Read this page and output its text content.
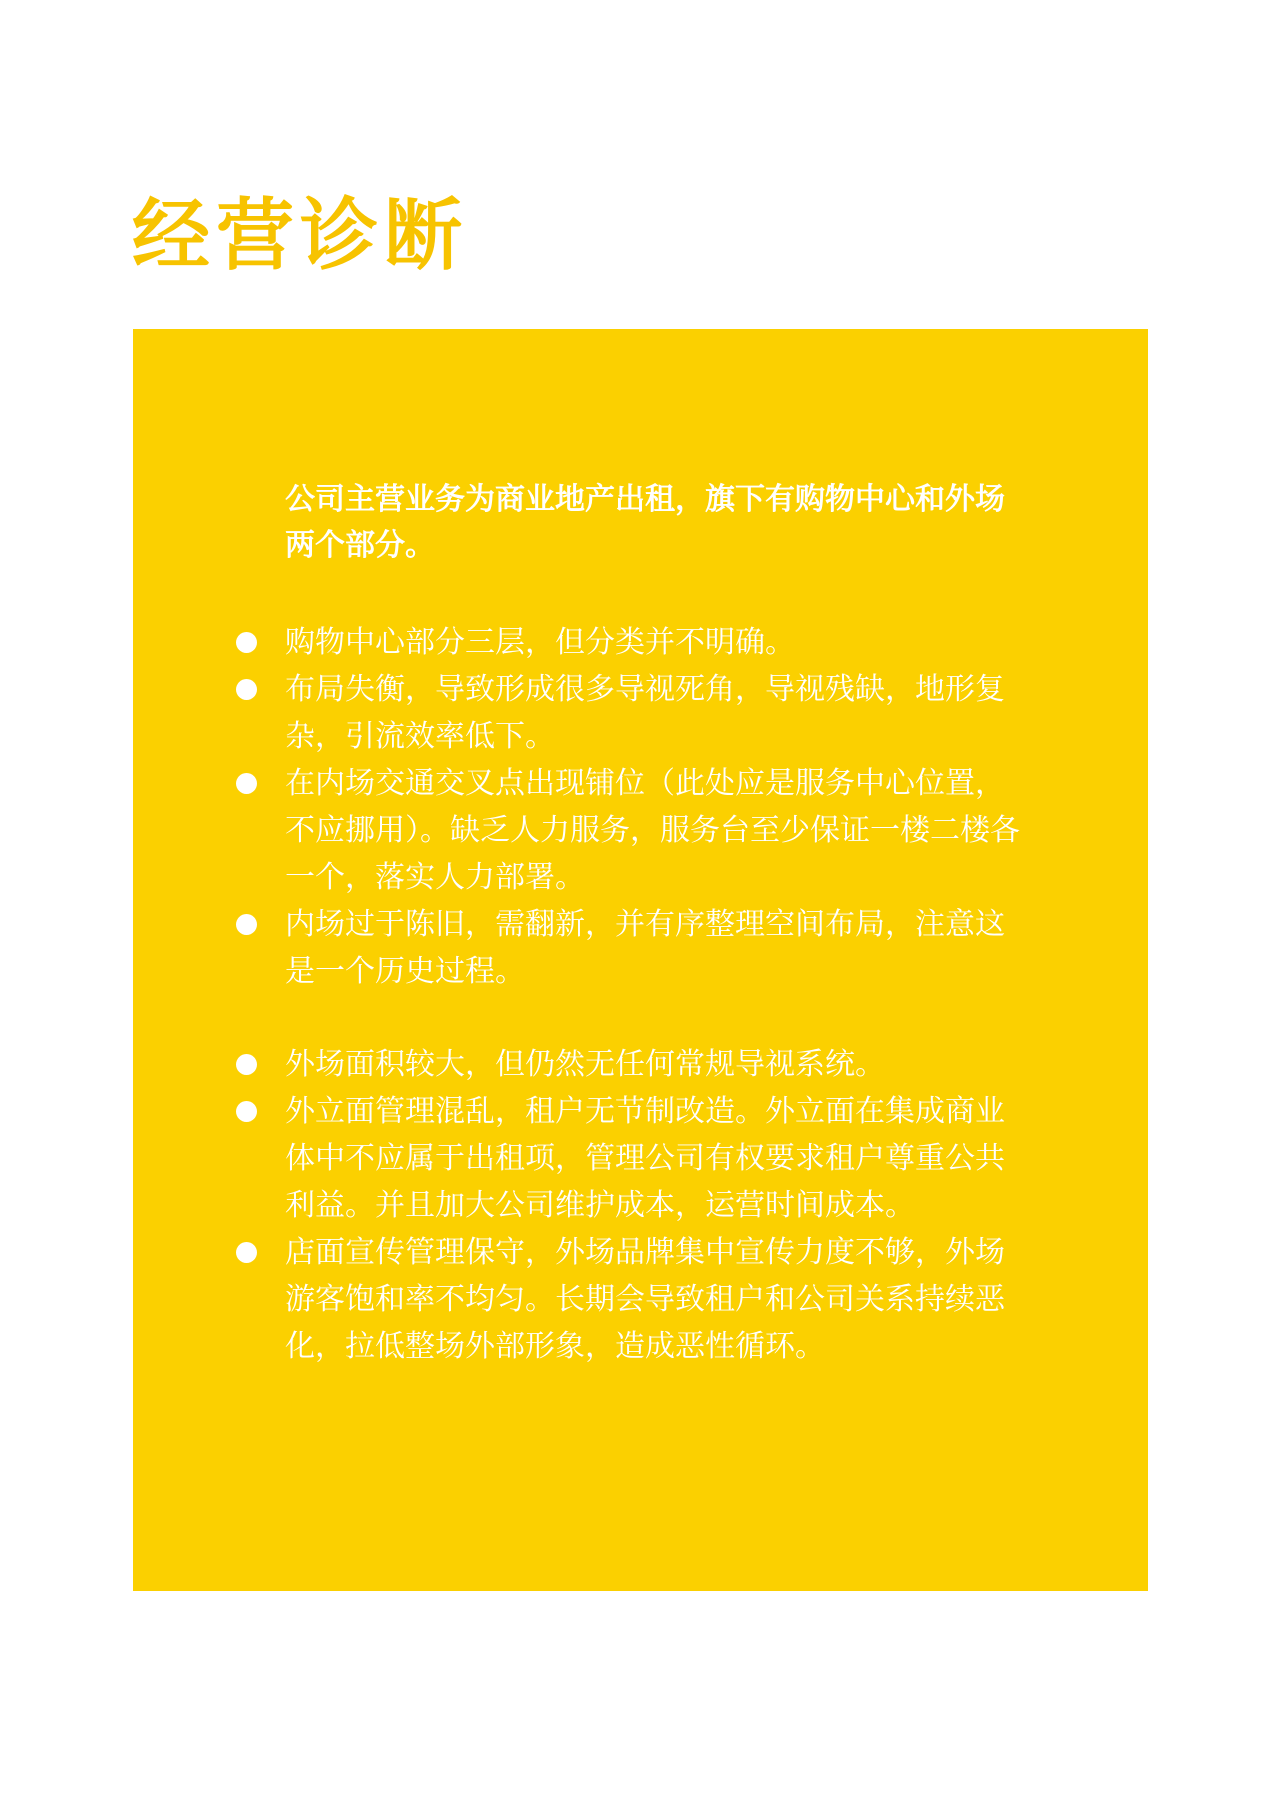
经营诊断

公司主营业务为商业地产出租，旗下有购物中心和外场两个部分。

购物中心部分三层，但分类并不明确。
布局失衡，导致形成很多导视死角，导视残缺，地形复杂，引流效率低下。
在内场交通交叉点出现铺位（此处应是服务中心位置，不应挪用）。缺乏人力服务，服务台至少保证一楼二楼各一个，落实人力部署。
内场过于陈旧，需翻新，并有序整理空间布局，注意这是一个历史过程。
外场面积较大，但仍然无任何常规导视系统。
外立面管理混乱，租户无节制改造。外立面在集成商业体中不应属于出租项，管理公司有权要求租户尊重公共利益。并且加大公司维护成本，运营时间成本。
店面宣传管理保守，外场品牌集中宣传力度不够，外场游客饱和率不均匀。长期会导致租户和公司关系持续恶化，拉低整场外部形象，造成恶性循环。
